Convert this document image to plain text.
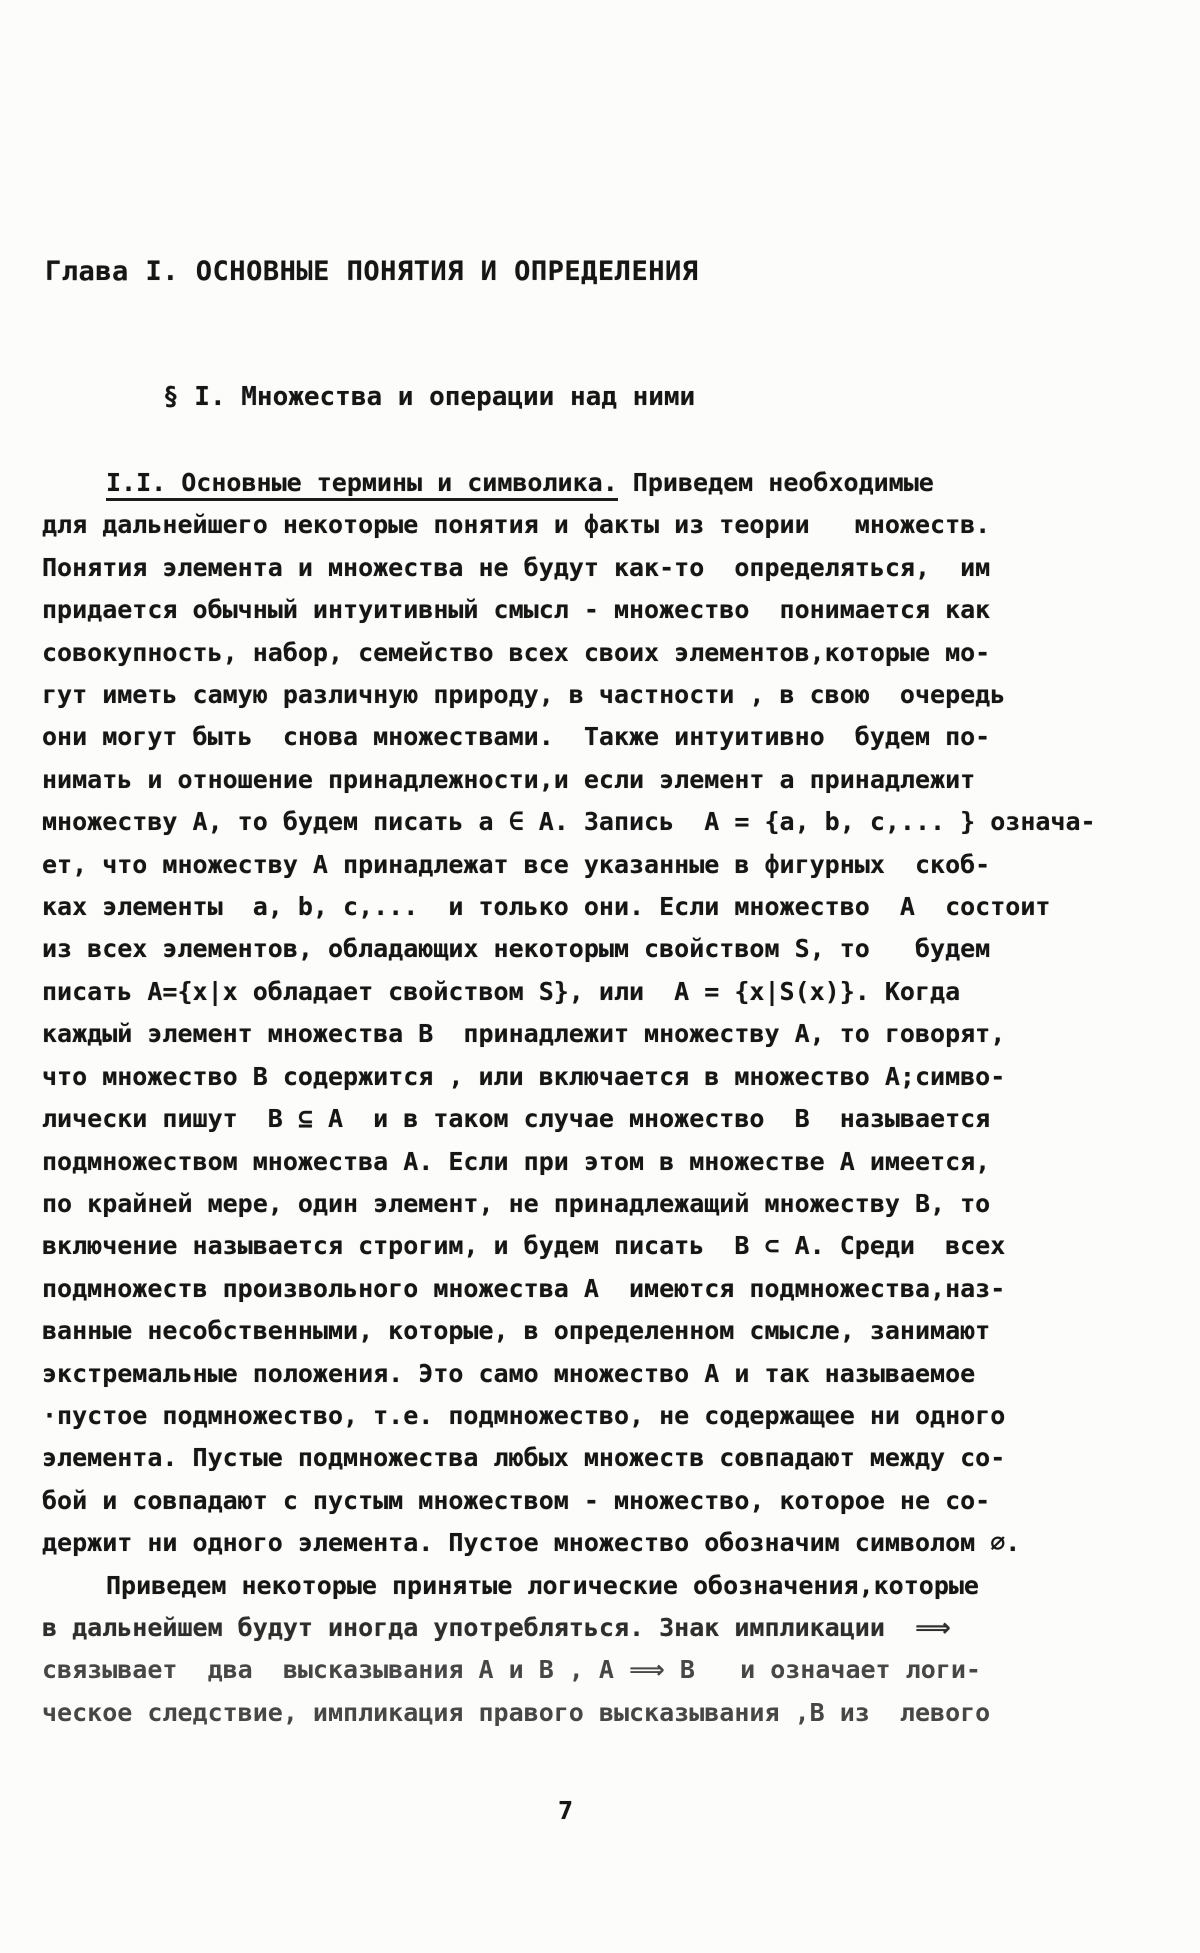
Глава I. ОСНОВНЫЕ ПОНЯТИЯ И ОПРЕДЕЛЕНИЯ
§ I. Множества и операции над ними
I.I. Основные термины и символика. Приведем необходимые
для дальнейшего некоторые понятия и факты из теории   множеств.
Понятия элемента и множества не будут как-то  определяться,  им
придается обычный интуитивный смысл - множество  понимается как
совокупность, набор, семейство всех своих элементов,которые мо-
гут иметь самую различную природу, в частности , в свою  очередь
они могут быть  снова множествами.  Также интуитивно  будем по-
нимать и отношение принадлежности,и если элемент a принадлежит
множеству A, то будем писать a ∈ A. Запись  A = {a, b, c,... } означа-
ет, что множеству A принадлежат все указанные в фигурных  скоб-
ках элементы  a, b, c,...  и только они. Если множество  A  состоит
из всех элементов, обладающих некоторым свойством S, то   будем
писать A={x|x обладает свойством S}, или  A = {x|S(x)}. Когда
каждый элемент множества B  принадлежит множеству A, то говорят,
что множество B содержится , или включается в множество A;симво-
лически пишут  B ⊆ A  и в таком случае множество  B  называется
подмножеством множества A. Если при этом в множестве A имеется,
по крайней мере, один элемент, не принадлежащий множеству B, то
включение называется строгим, и будем писать  B ⊂ A. Среди  всех
подмножеств произвольного множества A  имеются подмножества,наз-
ванные несобственными, которые, в определенном смысле, занимают
экстремальные положения. Это само множество A и так называемое
·пустое подмножество, т.е. подмножество, не содержащее ни одного
элемента. Пустые подмножества любых множеств совпадают между со-
бой и совпадают с пустым множеством - множество, которое не со-
держит ни одного элемента. Пустое множество обозначим символом ∅.
Приведем некоторые принятые логические обозначения,которые
в дальнейшем будут иногда употребляться. Знак импликации  ⟹
связывает  два  высказывания A и B , A ⟹ B   и означает логи-
ческое следствие, импликация правого высказывания ,B из  левого
7
